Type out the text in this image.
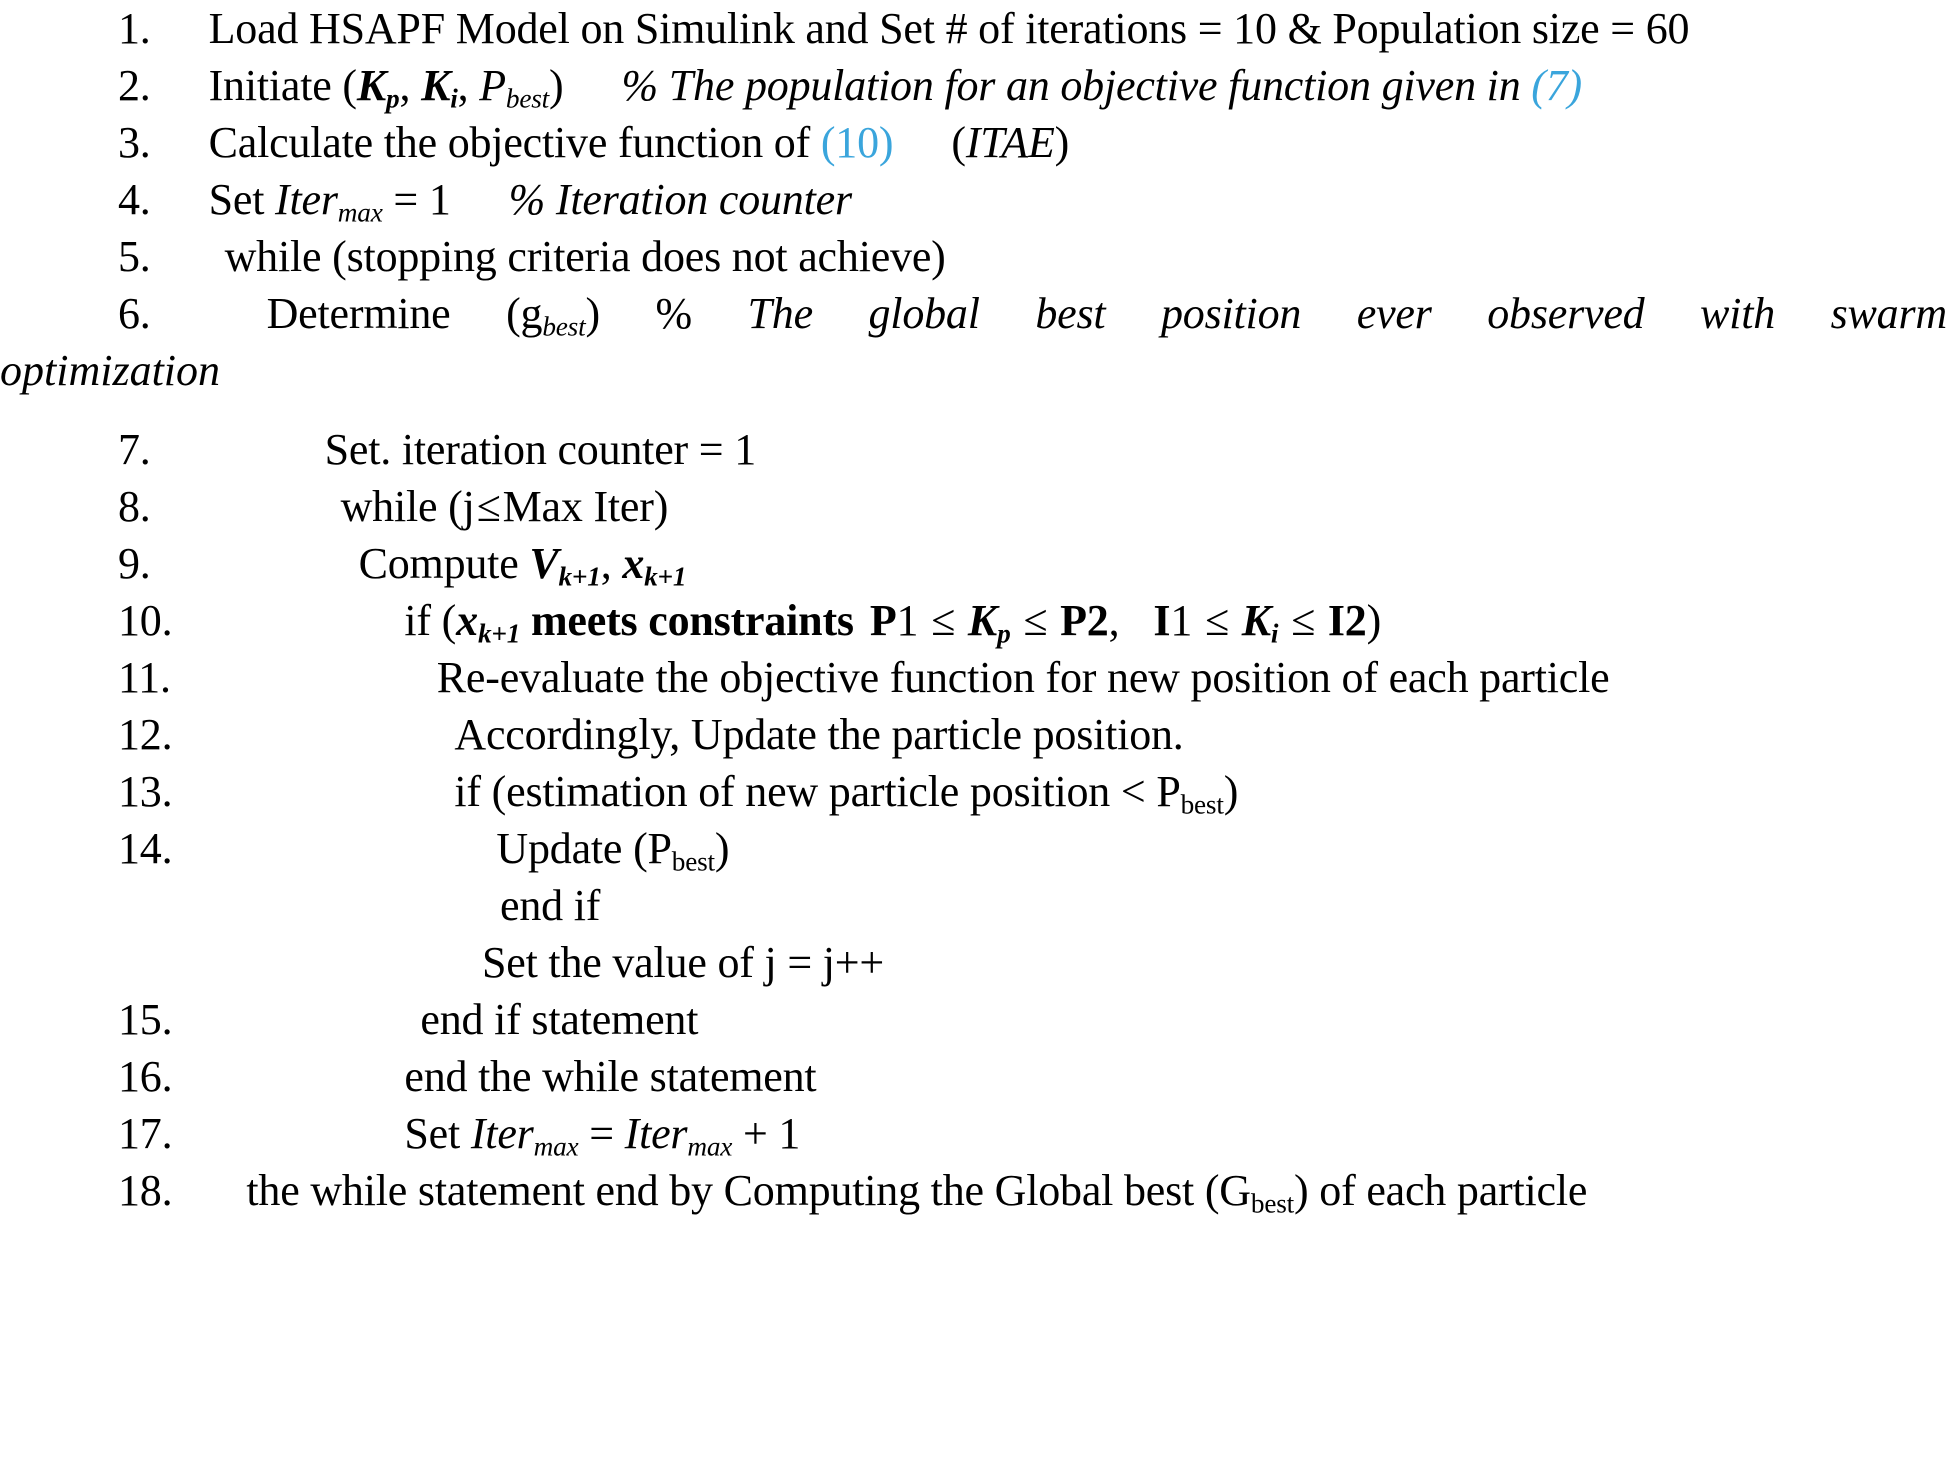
1.	Load HSAPF Model on Simulink and Set # of iterations = 10 & Population size = 60
2.	Initiate ($K_p$, $K_i$, $P_{best}$) % The population for an objective function given in (7)
3.	Calculate the objective function of (10) (ITAE)
4.	Set Iter$_{max}$ = 1 % Iteration counter
5.	while (stopping criteria does not achieve)
6.	Determine $(g_{best})$ % The global best position ever observed with swarm
optimization
7.	Set. iteration counter = 1
8.	while (j≤Max Iter)
9.	Compute $V_{k+1}$, $x_{k+1}$
10.	if ($x_{k+1}$ meets constraints $P1 \le K_p \le P2$, $I1 \le K_i \le I2$)
11.	Re-evaluate the objective function for new position of each particle
12.	Accordingly, Update the particle position.
13.	if (estimation of new particle position < $P_{best}$)
14.	Update $(P_{best})$
end if
Set the value of j = j++
15.	end if statement
16.	end the while statement
17.	Set Iter$_{max}$ = Iter$_{max}$ + 1
18.	the while statement end by Computing the Global best $(G_{best})$ of each particle
